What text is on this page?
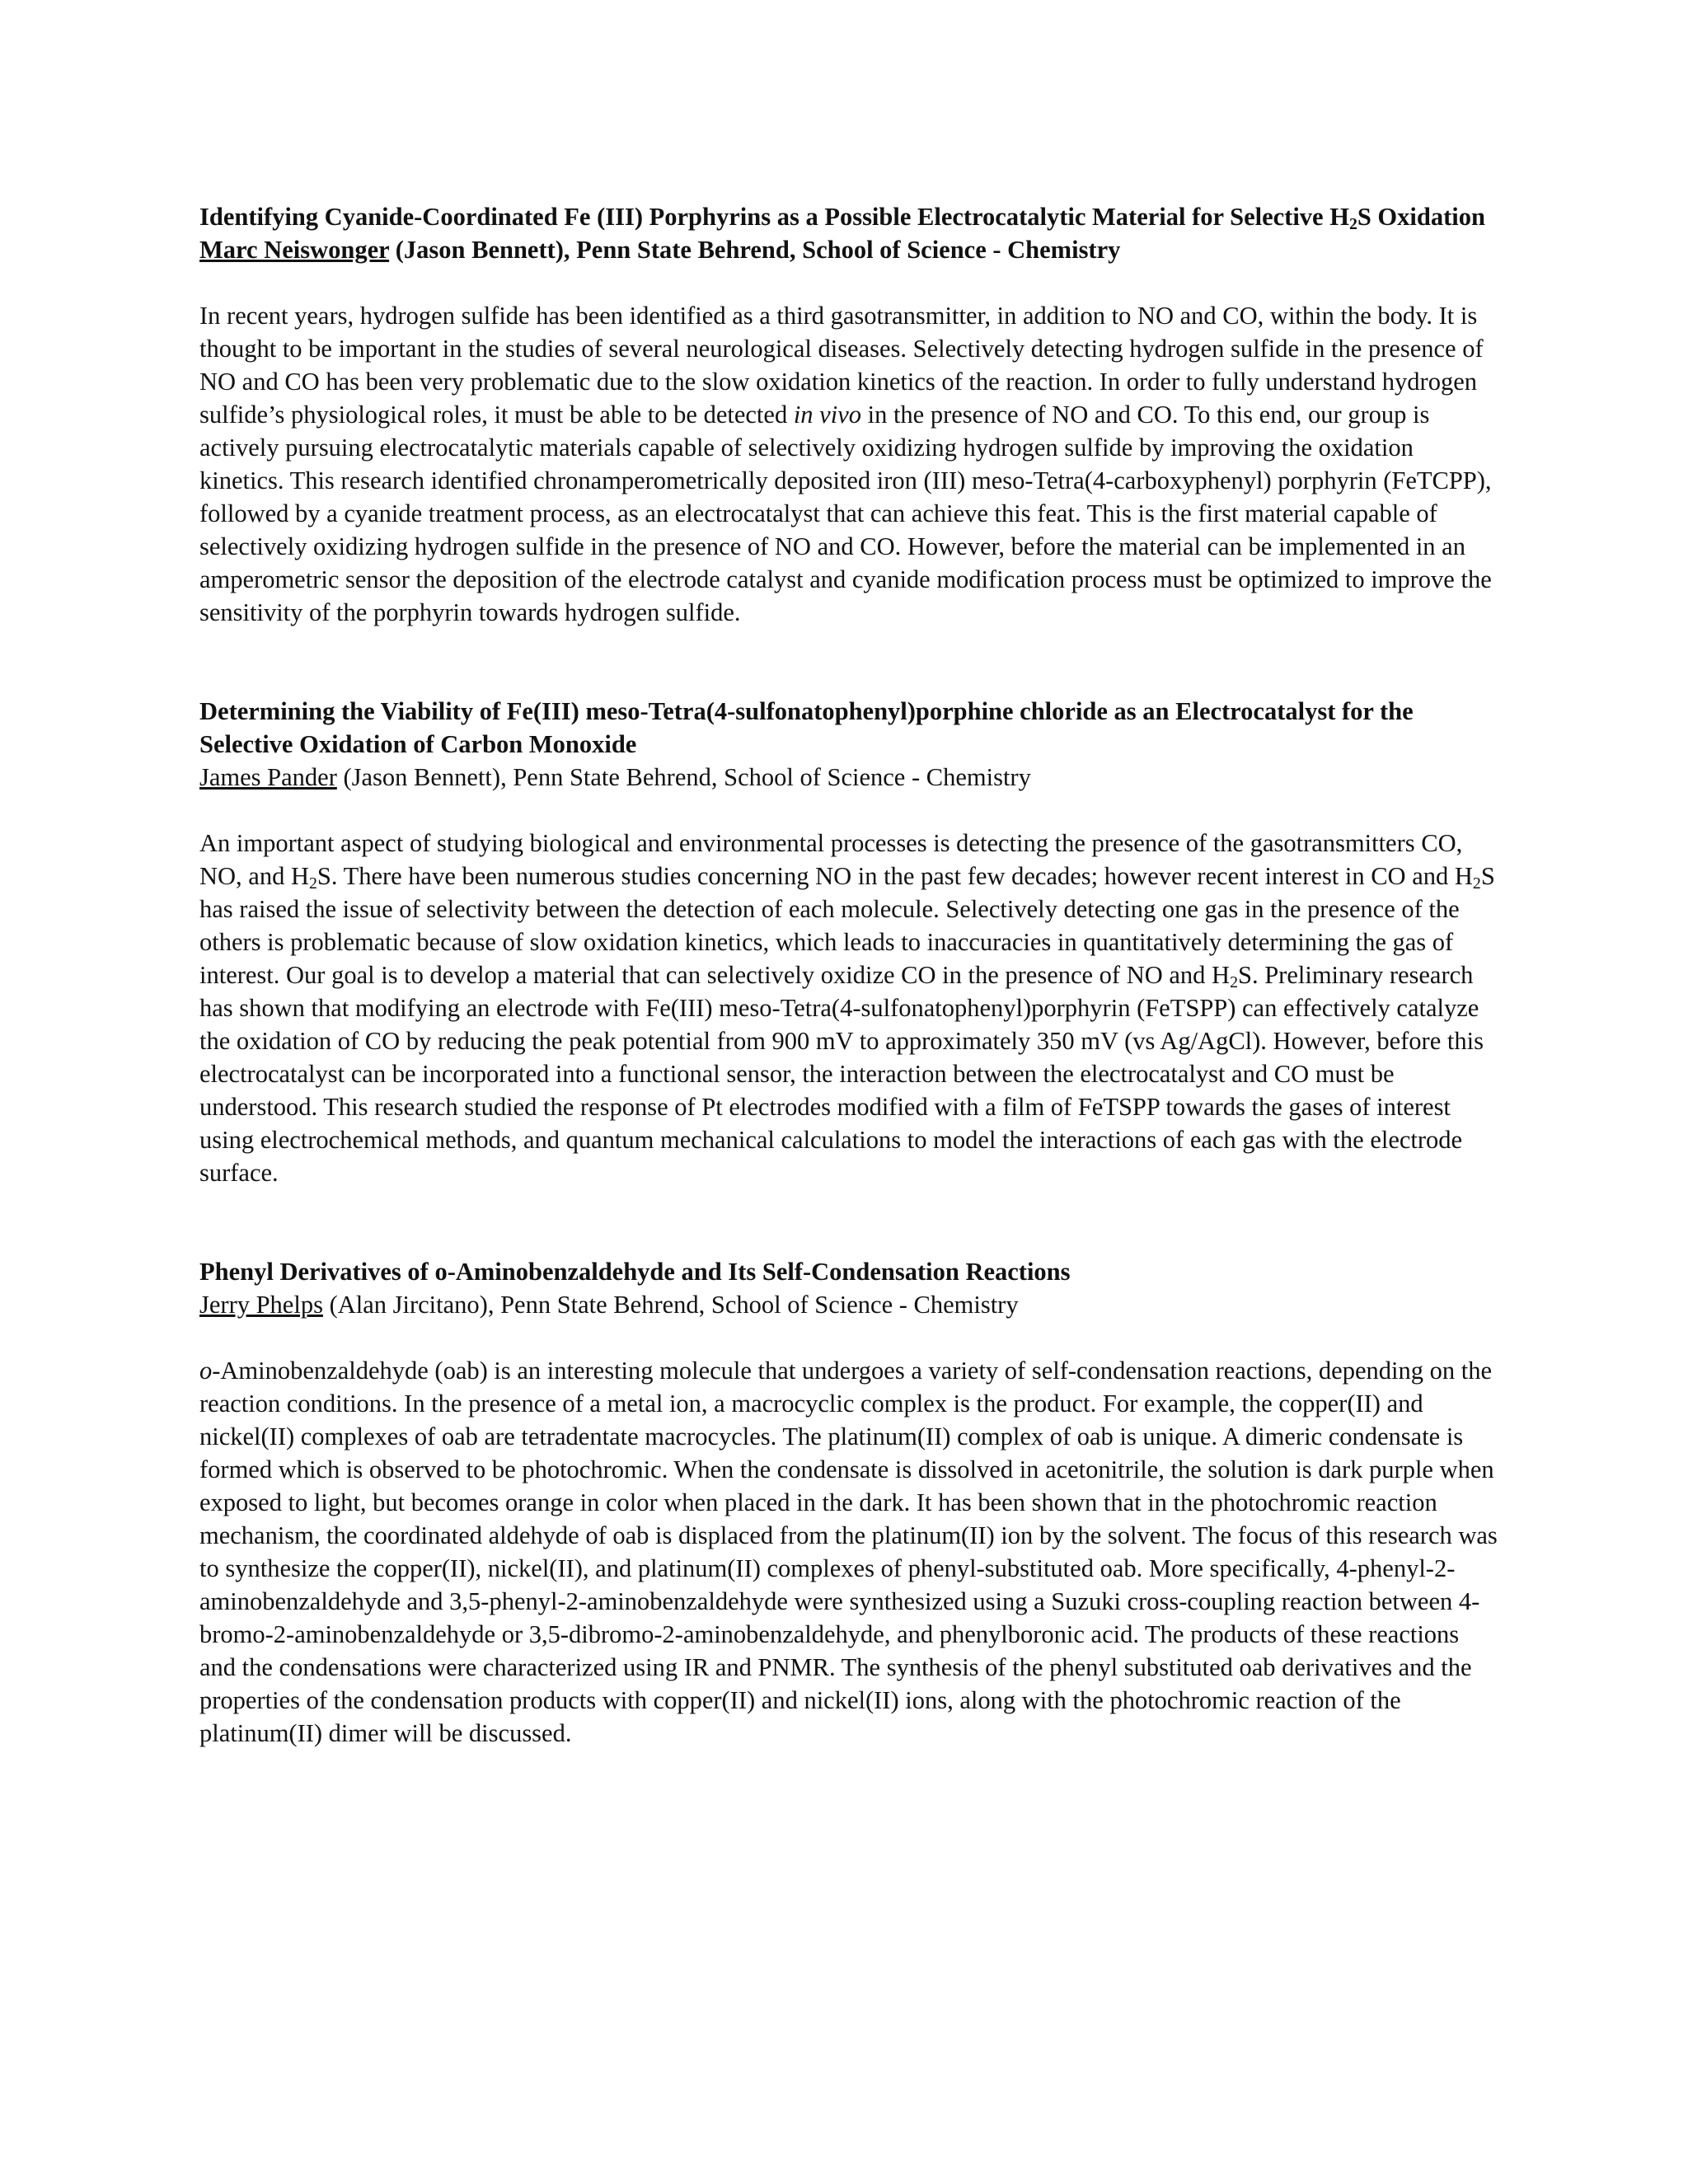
Identifying Cyanide-Coordinated Fe (III) Porphyrins as a Possible Electrocatalytic Material for Selective $H_2S$ Oxidation

Marc Neiswonger (Jason Bennett), Penn State Behrend, School of Science - Chemistry

In recent years, hydrogen sulfide has been identified as a third gasotransmitter, in addition to NO and CO, within the body. It is thought to be important in the studies of several neurological diseases. Selectively detecting hydrogen sulfide in the presence of NO and CO has been very problematic due to the slow oxidation kinetics of the reaction. In order to fully understand hydrogen sulfide’s physiological roles, it must be able to be detected in vivo in the presence of NO and CO. To this end, our group is actively pursuing electrocatalytic materials capable of selectively oxidizing hydrogen sulfide by improving the oxidation kinetics. This research identified chronamperometrically deposited iron (III) meso-Tetra(4-carboxyphenyl) porphyrin (FeTCPP), followed by a cyanide treatment process, as an electrocatalyst that can achieve this feat. This is the first material capable of selectively oxidizing hydrogen sulfide in the presence of NO and CO. However, before the material can be implemented in an amperometric sensor the deposition of the electrode catalyst and cyanide modification process must be optimized to improve the sensitivity of the porphyrin towards hydrogen sulfide.

Determining the Viability of Fe(III) meso-Tetra(4-sulfonatophenyl)porphine chloride as an Electrocatalyst for the Selective Oxidation of Carbon Monoxide

James Pander (Jason Bennett), Penn State Behrend, School of Science - Chemistry

An important aspect of studying biological and environmental processes is detecting the presence of the gasotransmitters CO, NO, and $H_2S$. There have been numerous studies concerning NO in the past few decades; however recent interest in CO and $H_2S$ has raised the issue of selectivity between the detection of each molecule. Selectively detecting one gas in the presence of the others is problematic because of slow oxidation kinetics, which leads to inaccuracies in quantitatively determining the gas of interest. Our goal is to develop a material that can selectively oxidize CO in the presence of NO and $H_2S$. Preliminary research has shown that modifying an electrode with Fe(III) meso-Tetra(4-sulfonatophenyl)porphyrin (FeTSPP) can effectively catalyze the oxidation of CO by reducing the peak potential from 900 mV to approximately 350 mV (vs Ag/AgCl). However, before this electrocatalyst can be incorporated into a functional sensor, the interaction between the electrocatalyst and CO must be understood. This research studied the response of Pt electrodes modified with a film of FeTSPP towards the gases of interest using electrochemical methods, and quantum mechanical calculations to model the interactions of each gas with the electrode surface.

Phenyl Derivatives of o-Aminobenzaldehyde and Its Self-Condensation Reactions

Jerry Phelps (Alan Jircitano), Penn State Behrend, School of Science - Chemistry

o-Aminobenzaldehyde (oab) is an interesting molecule that undergoes a variety of self-condensation reactions, depending on the reaction conditions. In the presence of a metal ion, a macrocyclic complex is the product. For example, the copper(II) and nickel(II) complexes of oab are tetradentate macrocycles. The platinum(II) complex of oab is unique. A dimeric condensate is formed which is observed to be photochromic. When the condensate is dissolved in acetonitrile, the solution is dark purple when exposed to light, but becomes orange in color when placed in the dark. It has been shown that in the photochromic reaction mechanism, the coordinated aldehyde of oab is displaced from the platinum(II) ion by the solvent. The focus of this research was to synthesize the copper(II), nickel(II), and platinum(II) complexes of phenyl-substituted oab. More specifically, 4-phenyl-2-aminobenzaldehyde and 3,5-phenyl-2-aminobenzaldehyde were synthesized using a Suzuki cross-coupling reaction between 4-bromo-2-aminobenzaldehyde or 3,5-dibromo-2-aminobenzaldehyde, and phenylboronic acid. The products of these reactions and the condensations were characterized using IR and PNMR. The synthesis of the phenyl substituted oab derivatives and the properties of the condensation products with copper(II) and nickel(II) ions, along with the photochromic reaction of the platinum(II) dimer will be discussed.
